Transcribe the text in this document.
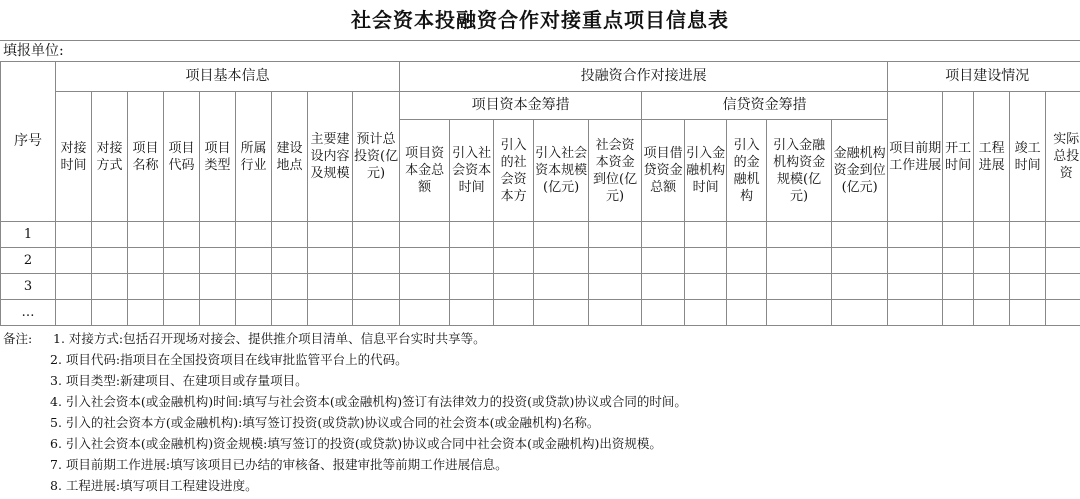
社会资本投融资合作对接重点项目信息表
填报单位:
序号	项目基本信息									投融资合作对接进展										项目建设情况				
	对接时间	对接方式	项目名称	项目代码	项目类型	所属行业	建设地点	主要建设内容及规模	预计总投资(亿元)	项目资本金筹措					信贷资金筹措					项目前期工作进展	开工时间	工程进展	竣工时间	实际总投资
										项目资本金总额	引入社会资本时间	引入的社会资本方	引入社会资本规模(亿元)	社会资本资金到位(亿元)	项目借贷资金总额	引入金融机构时间	引入的金融机构	引入金融机构资金规模(亿元)	金融机构资金到位(亿元)					
1																								
2																								
3																								
…																								
备注: 1. 对接方式:包括召开现场对接会、提供推介项目清单、信息平台实时共享等。
2. 项目代码:指项目在全国投资项目在线审批监管平台上的代码。
3. 项目类型:新建项目、在建项目或存量项目。
4. 引入社会资本(或金融机构)时间:填写与社会资本(或金融机构)签订有法律效力的投资(或贷款)协议或合同的时间。
5. 引入的社会资本方(或金融机构):填写签订投资(或贷款)协议或合同的社会资本(或金融机构)名称。
6. 引入社会资本(或金融机构)资金规模:填写签订的投资(或贷款)协议或合同中社会资本(或金融机构)出资规模。
7. 项目前期工作进展:填写该项目已办结的审核备、报建审批等前期工作进展信息。
8. 工程进展:填写项目工程建设进度。
